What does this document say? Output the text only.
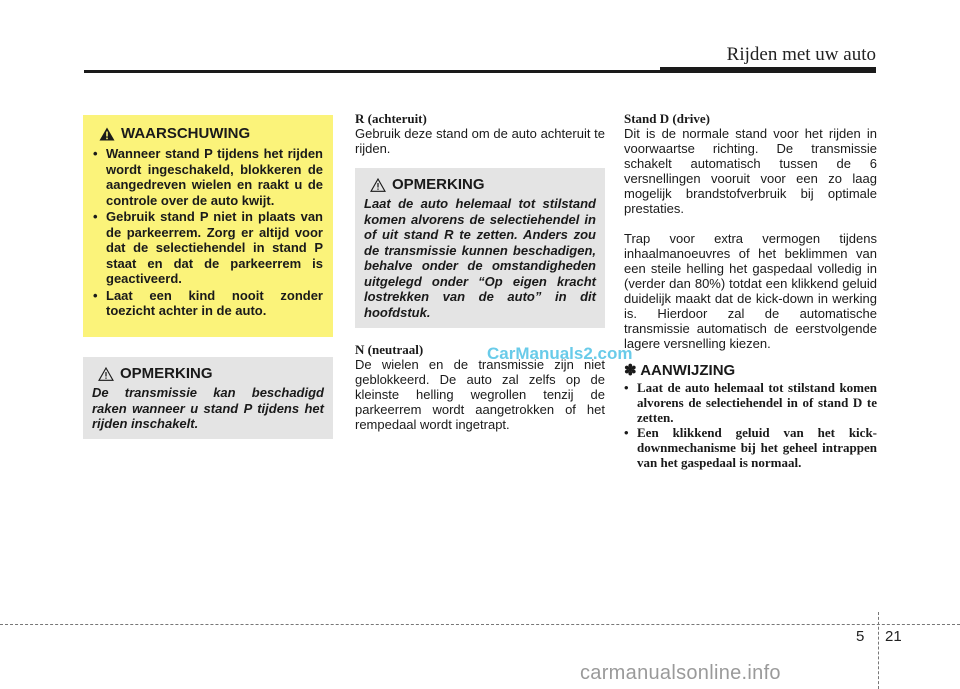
Rijden met uw auto
WAARSCHUWING
• Wanneer stand P tijdens het rijden wordt ingeschakeld, blokkeren de aangedreven wielen en raakt u de controle over de auto kwijt.
• Gebruik stand P niet in plaats van de parkeerrem. Zorg er altijd voor dat de selectiehendel in stand P staat en dat de parkeerrem is geactiveerd.
• Laat een kind nooit zonder toezicht achter in de auto.
OPMERKING
De transmissie kan beschadigd raken wanneer u stand P tijdens het rijden inschakelt.
R (achteruit)

Gebruik deze stand om de auto achteruit te rijden.

OPMERKING
Laat de auto helemaal tot stilstand komen alvorens de selectiehendel in of uit stand R te zetten. Anders zou de transmissie kunnen beschadigen, behalve onder de omstandigheden uitgelegd onder “Op eigen kracht lostrekken van de auto” in dit hoofdstuk.
N (neutraal)

De wielen en de transmissie zijn niet geblokkeerd. De auto zal zelfs op de kleinste helling wegrollen tenzij de parkeerrem wordt aangetrokken of het rempedaal wordt ingetrapt.

CarManuals2.com
Stand D (drive)

Dit is de normale stand voor het rijden in voorwaartse richting. De transmissie schakelt automatisch tussen de 6 versnellingen vooruit voor een zo laag mogelijk brandstofverbruik bij optimale prestaties.

Trap voor extra vermogen tijdens inhaalmanoeuvres of het beklimmen van een steile helling het gaspedaal volledig in (verder dan 80%) totdat een klikkend geluid duidelijk maakt dat de kick-down in werking is. Hierdoor zal de automatische transmissie automatisch de eerstvolgende lagere versnelling kiezen.

✽ AANWIJZING
• Laat de auto helemaal tot stilstand komen alvorens de selectiehendel in of stand D te zetten.
• Een klikkend geluid van het kick-downmechanisme bij het geheel intrappen van het gaspedaal is normaal.
5 21
carmanualsonline.info
